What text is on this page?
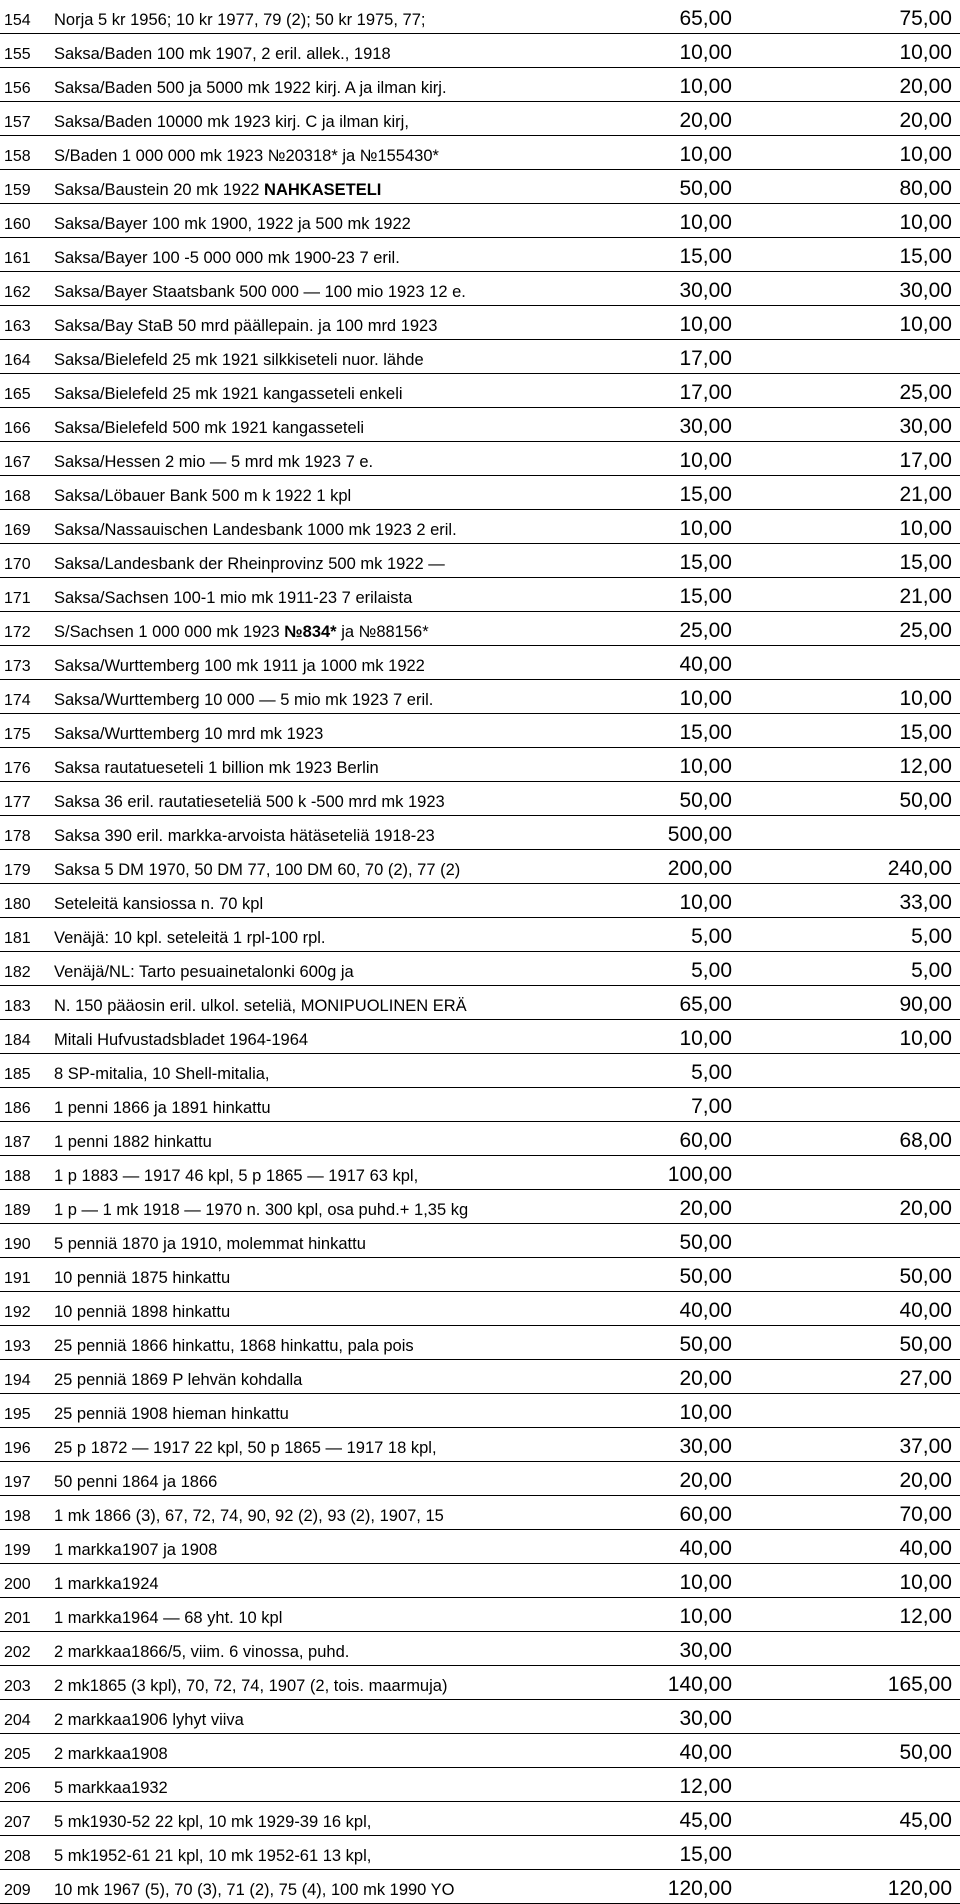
154 Norja 5 kr 1956; 10 kr 1977, 79 (2); 50 kr 1975, 77;	65,00	75,00
155 Saksa/Baden 100 mk 1907, 2 eril. allek., 1918	10,00	10,00
156 Saksa/Baden 500 ja 5000 mk 1922 kirj. A ja ilman kirj.	10,00	20,00
157 Saksa/Baden 10000 mk 1923 kirj. C ja ilman kirj,	20,00	20,00
158 S/Baden 1 000 000 mk 1923 №20318* ja №155430*	10,00	10,00
159 Saksa/Baustein 20 mk 1922 NAHKASETELI	50,00	80,00
160 Saksa/Bayer 100 mk 1900, 1922 ja 500 mk 1922	10,00	10,00
161 Saksa/Bayer 100 -5 000 000 mk 1900-23 7 eril.	15,00	15,00
162 Saksa/Bayer Staatsbank 500 000 — 100 mio 1923 12 e.	30,00	30,00
163 Saksa/Bay StaB 50 mrd päällepain. ja 100 mrd 1923	10,00	10,00
164 Saksa/Bielefeld 25 mk 1921 silkkiseteli nuor. lähde	17,00
165 Saksa/Bielefeld 25 mk 1921 kangasseteli enkeli	17,00	25,00
166 Saksa/Bielefeld 500 mk 1921 kangasseteli	30,00	30,00
167 Saksa/Hessen 2 mio — 5 mrd mk 1923 7 e.	10,00	17,00
168 Saksa/Löbauer Bank 500 m k 1922 1 kpl	15,00	21,00
169 Saksa/Nassauischen Landesbank 1000 mk 1923 2 eril.	10,00	10,00
170 Saksa/Landesbank der Rheinprovinz 500 mk 1922 —	15,00	15,00
171 Saksa/Sachsen 100-1 mio mk 1911-23 7 erilaista	15,00	21,00
172 S/Sachsen 1 000 000 mk 1923 №834* ja №88156*	25,00	25,00
173 Saksa/Wurttemberg 100 mk 1911 ja 1000 mk 1922	40,00
174 Saksa/Wurttemberg 10 000 — 5 mio mk 1923 7 eril.	10,00	10,00
175 Saksa/Wurttemberg 10 mrd mk 1923	15,00	15,00
176 Saksa rautatueseteli 1 billion mk 1923 Berlin	10,00	12,00
177 Saksa 36 eril. rautatieseteliä 500 k -500 mrd mk 1923	50,00	50,00
178 Saksa 390 eril. markka-arvoista hätäseteliä 1918-23	500,00
179 Saksa 5 DM 1970, 50 DM 77, 100 DM 60, 70 (2), 77 (2)	200,00	240,00
180 Seteleitä kansiossa n. 70 kpl	10,00	33,00
181 Venäjä: 10 kpl. seteleitä 1 rpl-100 rpl.	5,00	5,00
182 Venäjä/NL: Tarto pesuainetalonki 600g ja	5,00	5,00
183 N. 150 pääosin eril. ulkol. seteliä, MONIPUOLINEN ERÄ	65,00	90,00
184 Mitali Hufvustadsbladet 1964-1964	10,00	10,00
185 8 SP-mitalia, 10 Shell-mitalia,	5,00
186 1 penni 1866 ja 1891 hinkattu	7,00
187 1 penni 1882 hinkattu	60,00	68,00
188 1 p 1883 — 1917 46 kpl, 5 p 1865 — 1917 63 kpl,	100,00
189 1 p — 1 mk 1918 — 1970 n. 300 kpl, osa puhd.+ 1,35 kg	20,00	20,00
190 5 penniä 1870 ja 1910, molemmat hinkattu	50,00
191 10 penniä 1875 hinkattu	50,00	50,00
192 10 penniä 1898 hinkattu	40,00	40,00
193 25 penniä 1866 hinkattu, 1868 hinkattu, pala pois	50,00	50,00
194 25 penniä 1869 P lehvän kohdalla	20,00	27,00
195 25 penniä 1908 hieman hinkattu	10,00
196 25 p 1872 — 1917 22 kpl, 50 p 1865 — 1917 18 kpl,	30,00	37,00
197 50 penni 1864 ja 1866	20,00	20,00
198 1 mk 1866 (3), 67, 72, 74, 90, 92 (2), 93 (2), 1907, 15	60,00	70,00
199 1 markka1907 ja 1908	40,00	40,00
200 1 markka1924	10,00	10,00
201 1 markka1964 — 68 yht. 10 kpl	10,00	12,00
202 2 markkaa1866/5, viim. 6 vinossa, puhd.	30,00
203 2 mk1865 (3 kpl), 70, 72, 74, 1907 (2, tois. maarmuja)	140,00	165,00
204 2 markkaa1906 lyhyt viiva	30,00
205 2 markkaa1908	40,00	50,00
206 5 markkaa1932	12,00
207 5 mk1930-52 22 kpl, 10 mk 1929-39 16 kpl,	45,00	45,00
208 5 mk1952-61 21 kpl, 10 mk 1952-61 13 kpl,	15,00
209 10 mk 1967 (5), 70 (3), 71 (2), 75 (4), 100 mk 1990 YO	120,00	120,00
